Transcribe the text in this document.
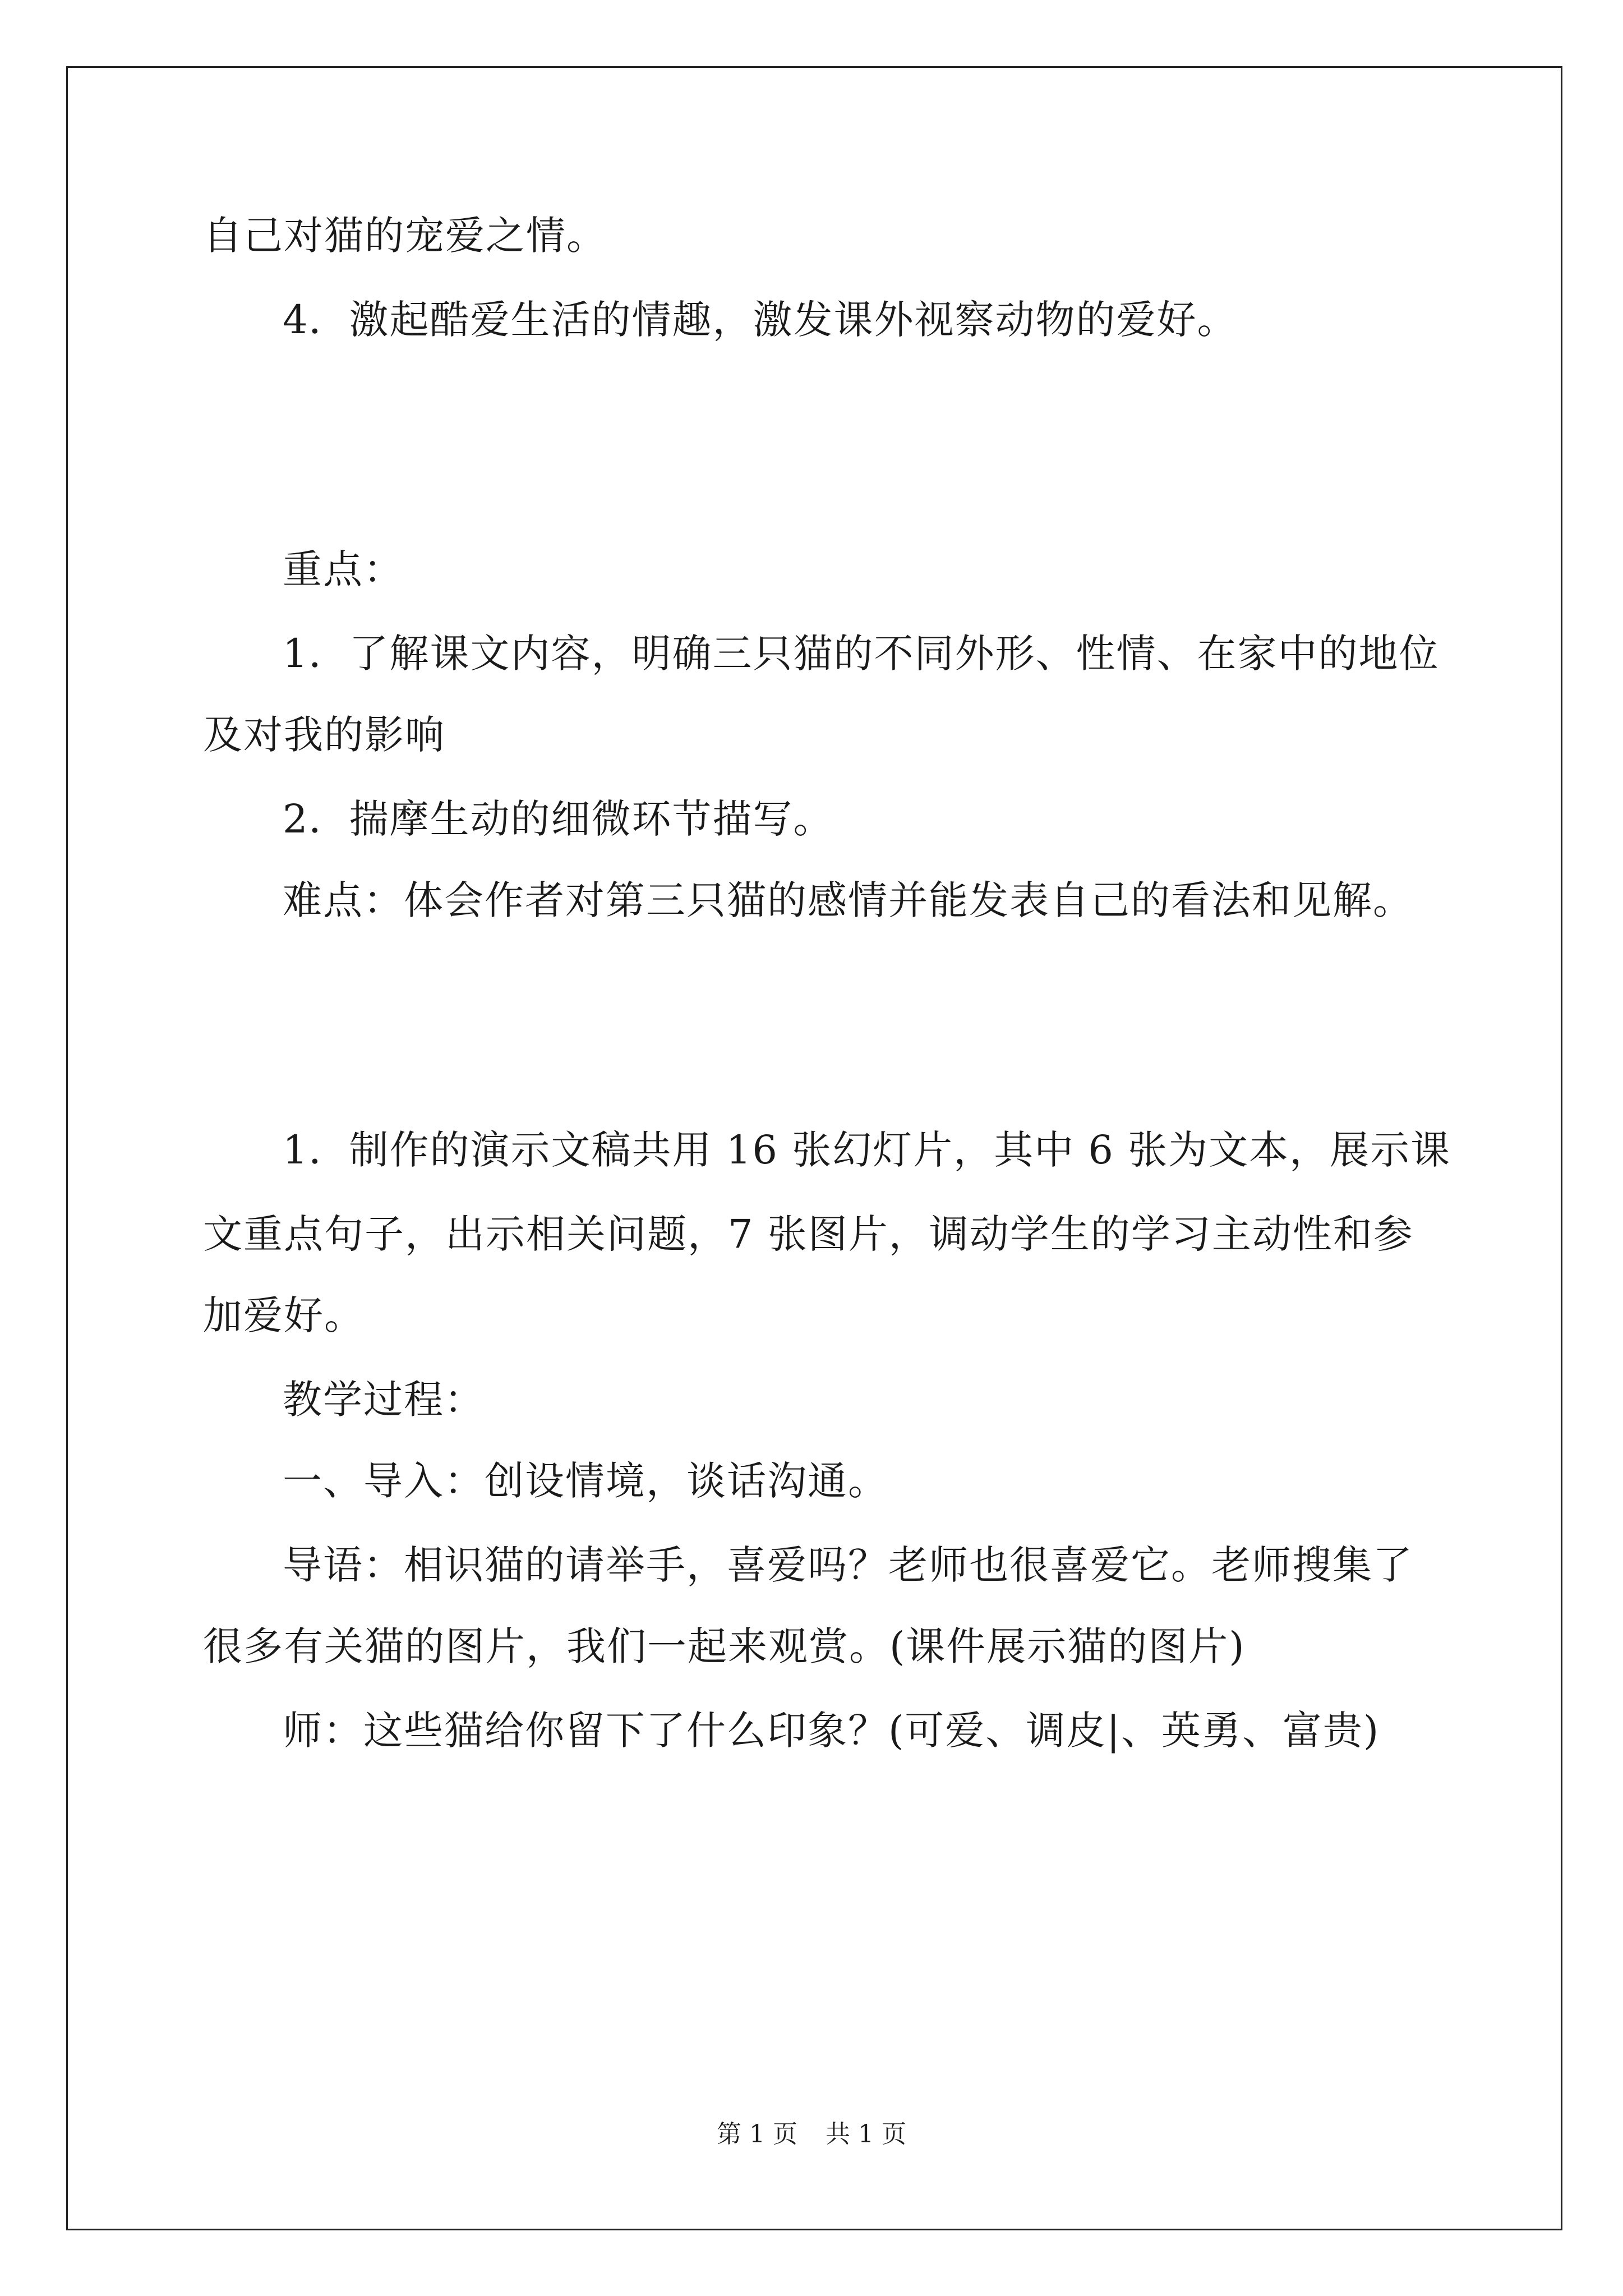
自己对猫的宠爱之情。
4．激起酷爱生活的情趣，激发课外视察动物的爱好。
重点：
1．了解课文内容，明确三只猫的不同外形、性情、在家中的地位
及对我的影响
2．揣摩生动的细微环节描写。
难点：体会作者对第三只猫的感情并能发表自己的看法和见解。
1．制作的演示文稿共用 16 张幻灯片，其中 6 张为文本，展示课
文重点句子，出示相关问题，7 张图片，调动学生的学习主动性和参
加爱好。
教学过程：
一、导入：创设情境，谈话沟通。
导语：相识猫的请举手，喜爱吗？老师也很喜爱它。老师搜集了
很多有关猫的图片，我们一起来观赏。(课件展示猫的图片)
师：这些猫给你留下了什么印象？(可爱、调皮|、英勇、富贵)
第 1 页 共 1 页
